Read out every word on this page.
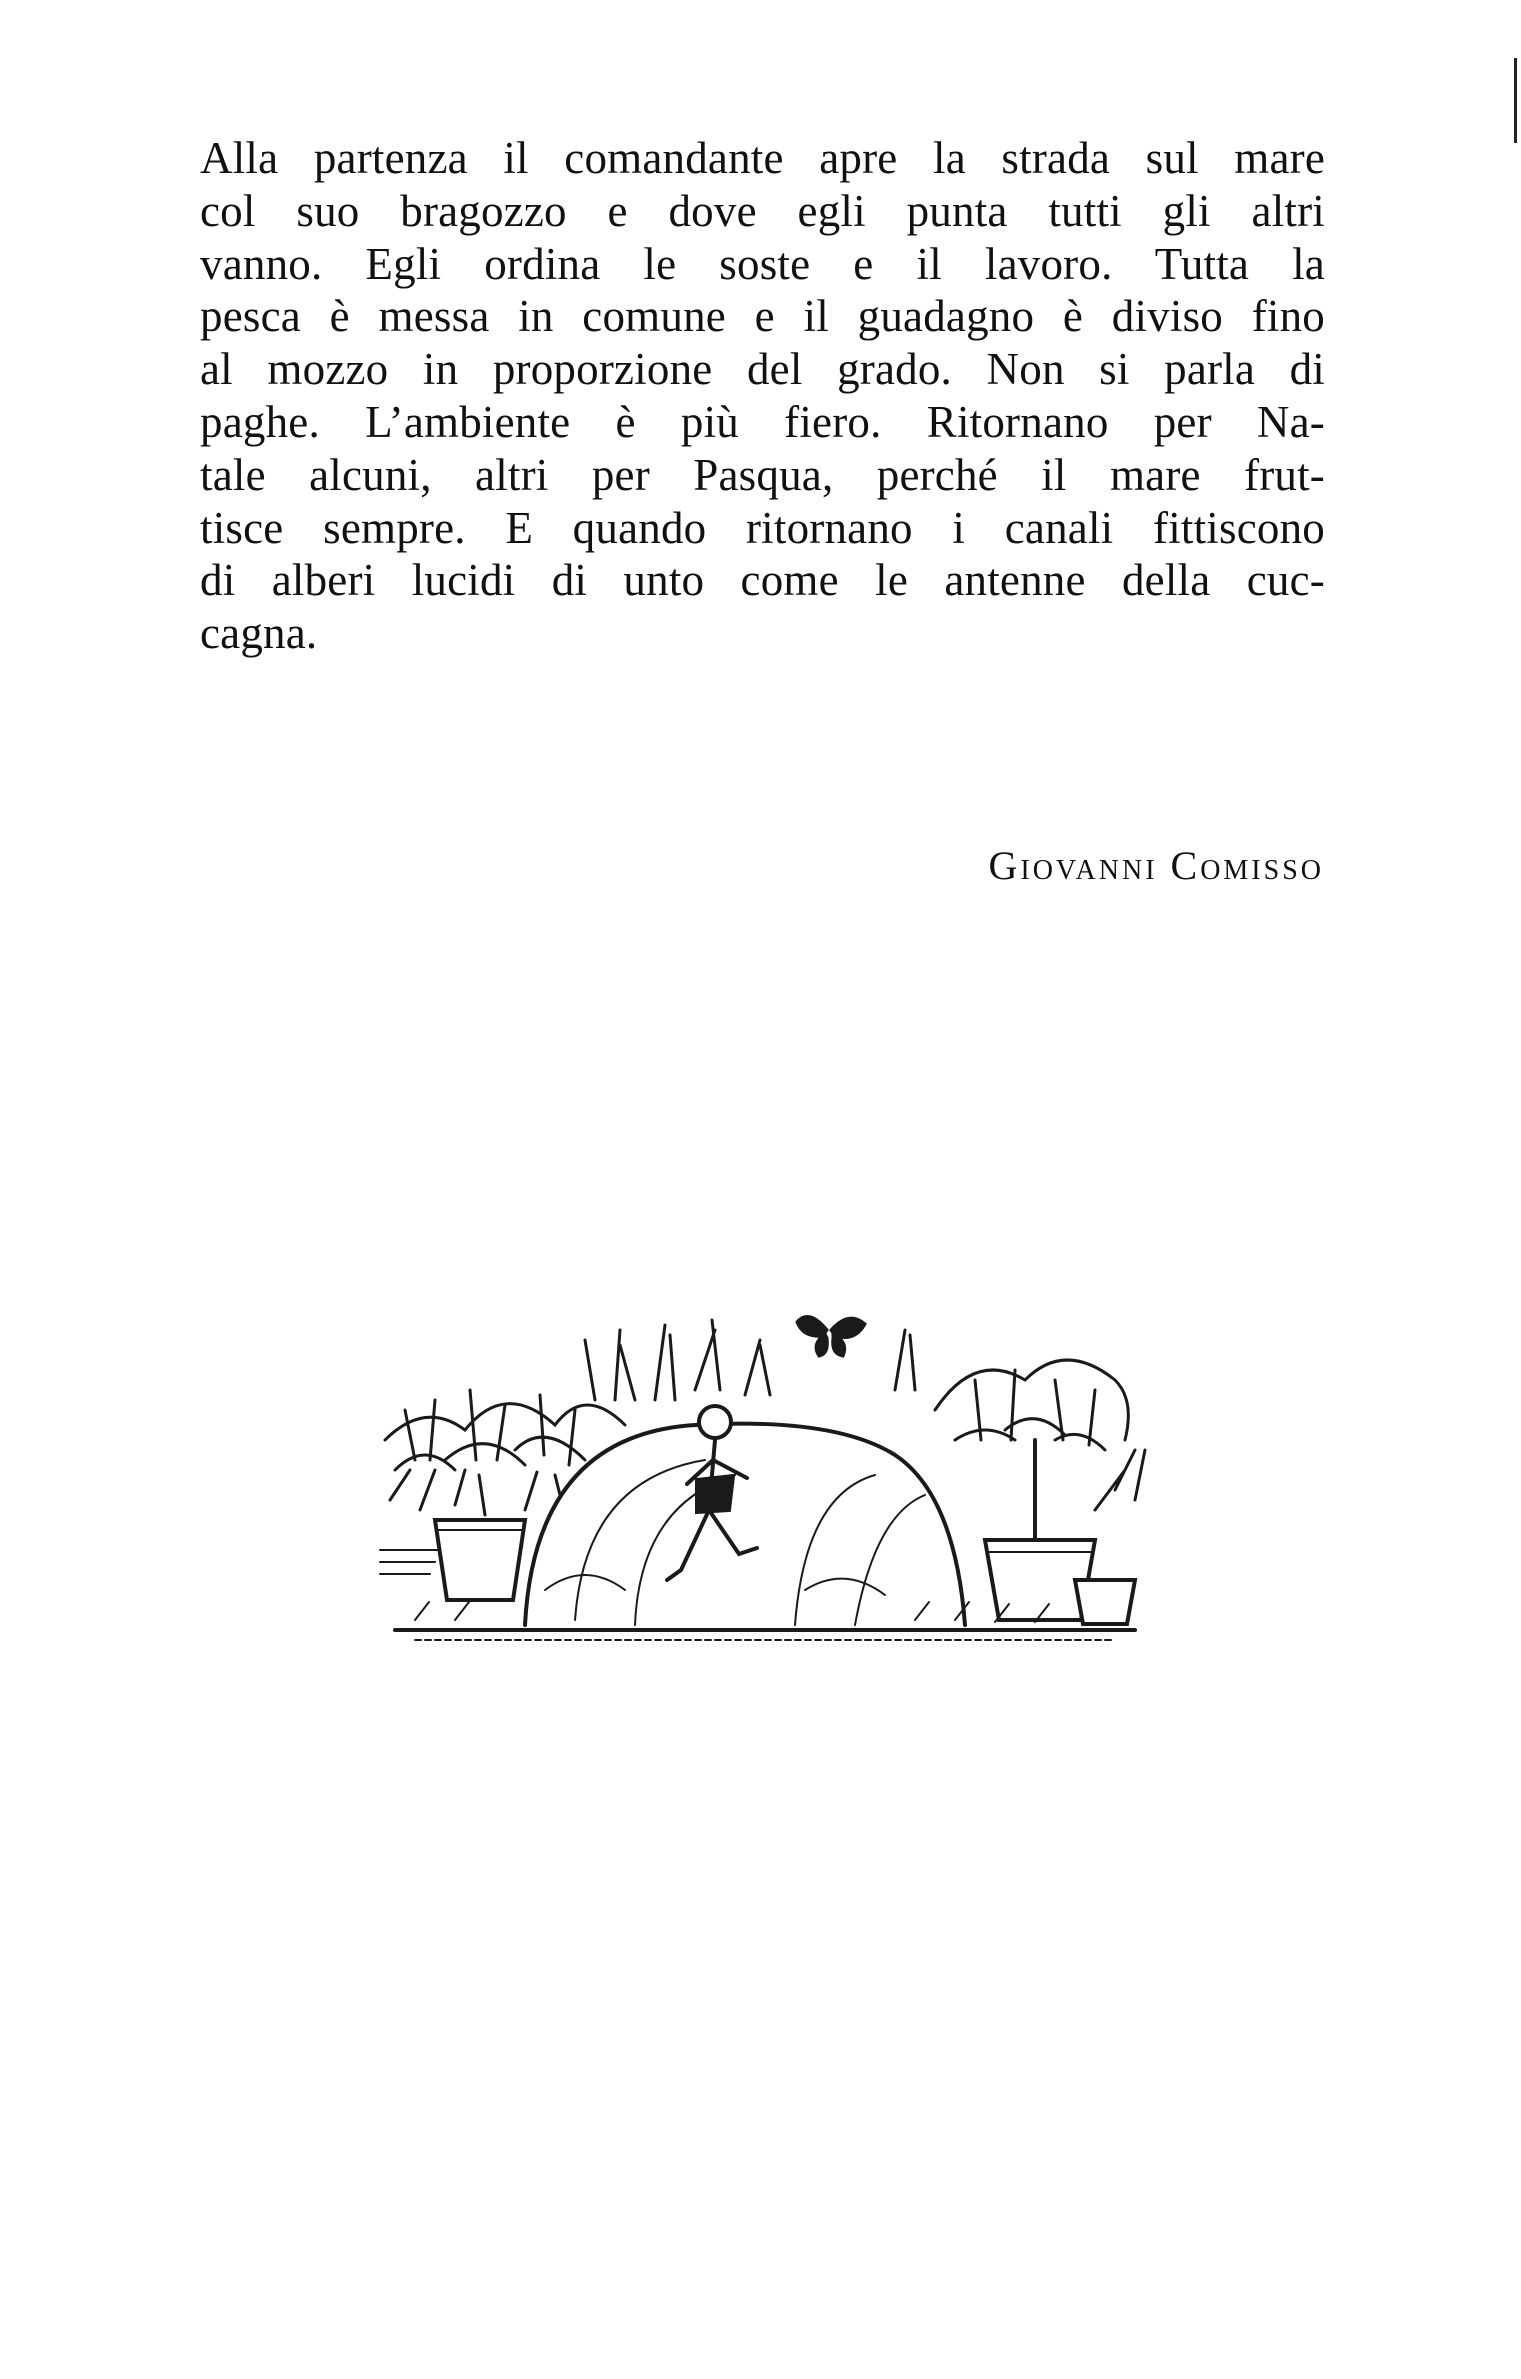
Alla partenza il comandante apre la strada sul mare
col suo bragozzo e dove egli punta tutti gli altri
vanno. Egli ordina le soste e il lavoro. Tutta la
pesca è messa in comune e il guadagno è diviso fino
al mozzo in proporzione del grado. Non si parla di
paghe. L’ambiente è più fiero. Ritornano per Na-
tale alcuni, altri per Pasqua, perché il mare frut-
tisce sempre. E quando ritornano i canali fittiscono
di alberi lucidi di unto come le antenne della cuc-
cagna.
Giovanni Comisso
